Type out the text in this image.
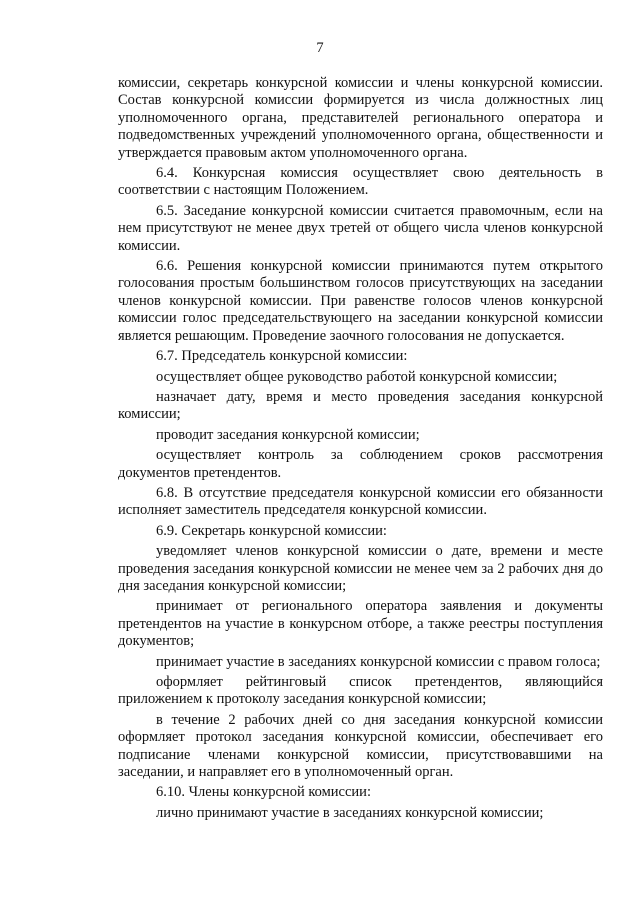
7

комиссии, секретарь конкурсной комиссии и члены конкурсной комиссии. Состав конкурсной комиссии формируется из числа должностных лиц уполномоченного органа, представителей регионального оператора и подведомственных учреждений уполномоченного органа, общественности и утверждается правовым актом уполномоченного органа.

6.4. Конкурсная комиссия осуществляет свою деятельность в соответствии с настоящим Положением.

6.5. Заседание конкурсной комиссии считается правомочным, если на нем присутствуют не менее двух третей от общего числа членов конкурсной комиссии.

6.6. Решения конкурсной комиссии принимаются путем открытого голосования простым большинством голосов присутствующих на заседании членов конкурсной комиссии. При равенстве голосов членов конкурсной комиссии голос председательствующего на заседании конкурсной комиссии является решающим. Проведение заочного голосования не допускается.

6.7. Председатель конкурсной комиссии:

осуществляет общее руководство работой конкурсной комиссии;

назначает дату, время и место проведения заседания конкурсной комиссии;

проводит заседания конкурсной комиссии;

осуществляет контроль за соблюдением сроков рассмотрения документов претендентов.

6.8. В отсутствие председателя конкурсной комиссии его обязанности исполняет заместитель председателя конкурсной комиссии.

6.9. Секретарь конкурсной комиссии:

уведомляет членов конкурсной комиссии о дате, времени и месте проведения заседания конкурсной комиссии не менее чем за 2 рабочих дня до дня заседания конкурсной комиссии;

принимает от регионального оператора заявления и документы претендентов на участие в конкурсном отборе, а также реестры поступления документов;

принимает участие в заседаниях конкурсной комиссии с правом голоса;

оформляет рейтинговый список претендентов, являющийся приложением к протоколу заседания конкурсной комиссии;

в течение 2 рабочих дней со дня заседания конкурсной комиссии оформляет протокол заседания конкурсной комиссии, обеспечивает его подписание членами конкурсной комиссии, присутствовавшими на заседании, и направляет его в уполномоченный орган.

6.10. Члены конкурсной комиссии:

лично принимают участие в заседаниях конкурсной комиссии;
